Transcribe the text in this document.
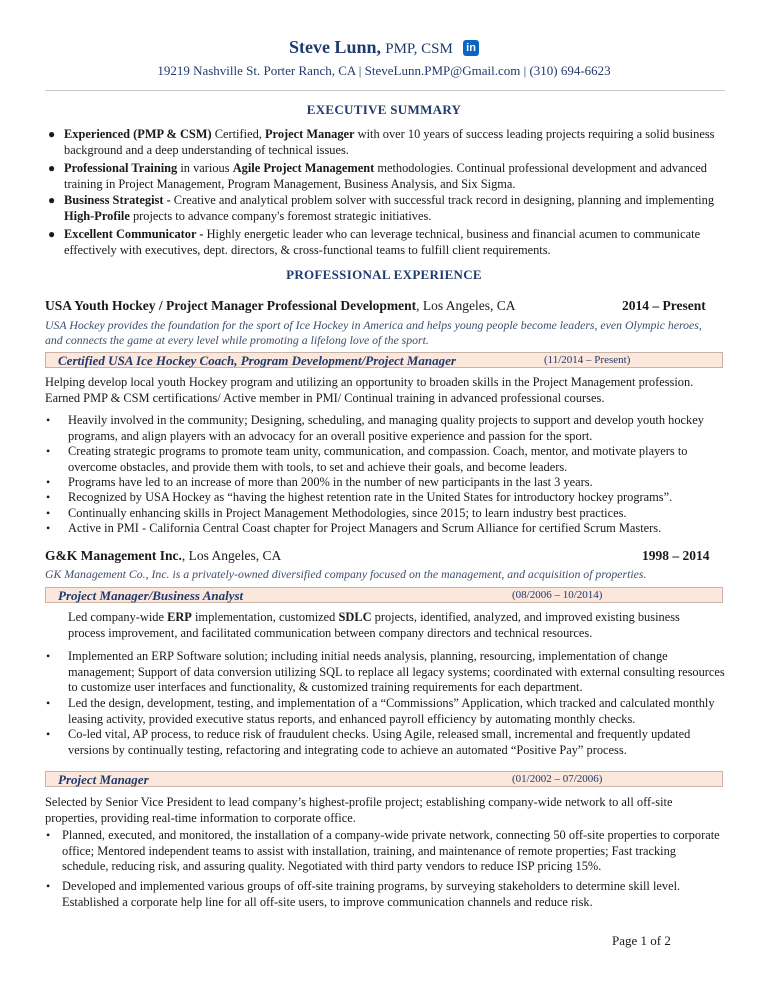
Steve Lunn, PMP, CSM in
19219 Nashville St. Porter Ranch, CA | SteveLunn.PMP@Gmail.com | (310) 694-6623
EXECUTIVE SUMMARY
● Experienced (PMP & CSM) Certified, Project Manager with over 10 years of success leading projects requiring a solid business background and a deep understanding of technical issues.
● Professional Training in various Agile Project Management methodologies. Continual professional development and advanced training in Project Management, Program Management, Business Analysis, and Six Sigma.
● Business Strategist - Creative and analytical problem solver with successful track record in designing, planning and implementing High-Profile projects to advance company's foremost strategic initiatives.
● Excellent Communicator - Highly energetic leader who can leverage technical, business and financial acumen to communicate effectively with executives, dept. directors, & cross-functional teams to fulfill client requirements.
PROFESSIONAL EXPERIENCE
USA Youth Hockey / Project Manager Professional Development, Los Angeles, CA	2014 – Present
USA Hockey provides the foundation for the sport of Ice Hockey in America and helps young people become leaders, even Olympic heroes, and connects the game at every level while promoting a lifelong love of the sport.
Certified USA Ice Hockey Coach, Program Development/Project Manager	(11/2014 – Present)
Helping develop local youth Hockey program and utilizing an opportunity to broaden skills in the Project Management profession. Earned PMP & CSM certifications/ Active member in PMI/ Continual training in advanced professional courses.
• Heavily involved in the community; Designing, scheduling, and managing quality projects to support and develop youth hockey programs, and align players with an advocacy for an overall positive experience and passion for the sport.
• Creating strategic programs to promote team unity, communication, and compassion. Coach, mentor, and motivate players to overcome obstacles, and provide them with tools, to set and achieve their goals, and become leaders.
• Programs have led to an increase of more than 200% in the number of new participants in the last 3 years.
• Recognized by USA Hockey as “having the highest retention rate in the United States for introductory hockey programs”.
• Continually enhancing skills in Project Management Methodologies, since 2015; to learn industry best practices.
• Active in PMI - California Central Coast chapter for Project Managers and Scrum Alliance for certified Scrum Masters.
G&K Management Inc., Los Angeles, CA	1998 – 2014
GK Management Co., Inc. is a privately-owned diversified company focused on the management, and acquisition of properties.
Project Manager/Business Analyst	(08/2006 – 10/2014)
Led company-wide ERP implementation, customized SDLC projects, identified, analyzed, and improved existing business process improvement, and facilitated communication between company directors and technical resources.
• Implemented an ERP Software solution; including initial needs analysis, planning, resourcing, implementation of change management; Support of data conversion utilizing SQL to replace all legacy systems; coordinated with external consulting resources to customize user interfaces and functionality, & customized training requirements for each department.
• Led the design, development, testing, and implementation of a “Commissions” Application, which tracked and calculated monthly leasing activity, provided executive status reports, and enhanced payroll efficiency by automating monthly checks.
• Co-led vital, AP process, to reduce risk of fraudulent checks. Using Agile, released small, incremental and frequently updated versions by continually testing, refactoring and integrating code to achieve an automated “Positive Pay” process.
Project Manager	(01/2002 – 07/2006)
Selected by Senior Vice President to lead company’s highest-profile project; establishing company-wide network to all off-site properties, providing real-time information to corporate office.
• Planned, executed, and monitored, the installation of a company-wide private network, connecting 50 off-site properties to corporate office; Mentored independent teams to assist with installation, training, and maintenance of remote properties; Fast tracking schedule, reducing risk, and assuring quality. Negotiated with third party vendors to reduce ISP pricing 15%.
• Developed and implemented various groups of off-site training programs, by surveying stakeholders to determine skill level. Established a corporate help line for all off-site users, to improve communication channels and reduce risk.
Page 1 of 2
